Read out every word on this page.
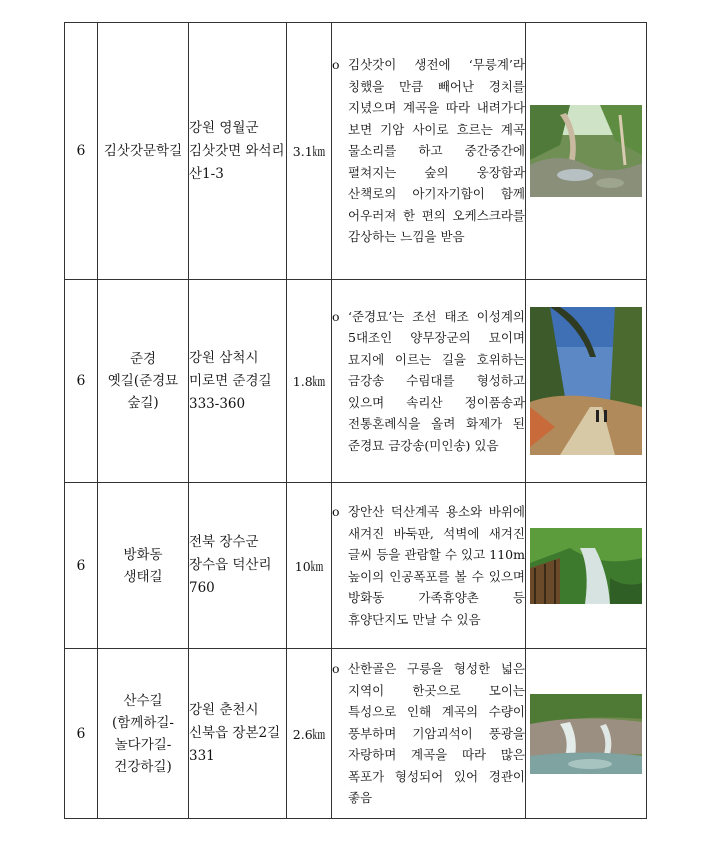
6	김삿갓문학길	강원 영월군 김삿갓면 와석리 산1-3	3.1㎞	o 김삿갓이 생전에 ‘무릉계’라 칭했을 만큼 빼어난 경치를 지녔으며 계곡을 따라 내려가다 보면 기암 사이로 흐르는 계곡 물소리를 하고 중간중간에 펼쳐지는 숲의 웅장함과 산책로의 아기자기함이 함께 어우러져 한 편의 오케스크라를 감상하는 느낌을 받음

6	준경
옛길(준경묘
숲길)	강원 삼척시 미로면 준경길 333-360	1.8㎞	o ‘준경묘’는 조선 태조 이성계의 5대조인 양무장군의 묘이며 묘지에 이르는 길을 호위하는 금강송 수림대를 형성하고 있으며 속리산 정이품송과 전통혼례식을 올려 화제가 된 준경묘 금강송(미인송) 있음

6	방화동
생태길	전북 장수군 장수읍 덕산리 760	10㎞	o 장안산 덕산계곡 용소와 바위에 새겨진 바둑판, 석벽에 새겨진 글씨 등을 관람할 수 있고 110m 높이의 인공폭포를 볼 수 있으며 방화동 가족휴양촌 등 휴양단지도 만날 수 있음

6	산수길
(함께하길-
놀다가길-
건강하길)	강원 춘천시 신북읍 장본2길 331	2.6㎞	o 산한골은 구릉을 형성한 넓은 지역이 한곳으로 모이는 특성으로 인해 계곡의 수량이 풍부하며 기암괴석이 풍광을 자랑하며 계곡을 따라 많은 폭포가 형성되어 있어 경관이 좋음
